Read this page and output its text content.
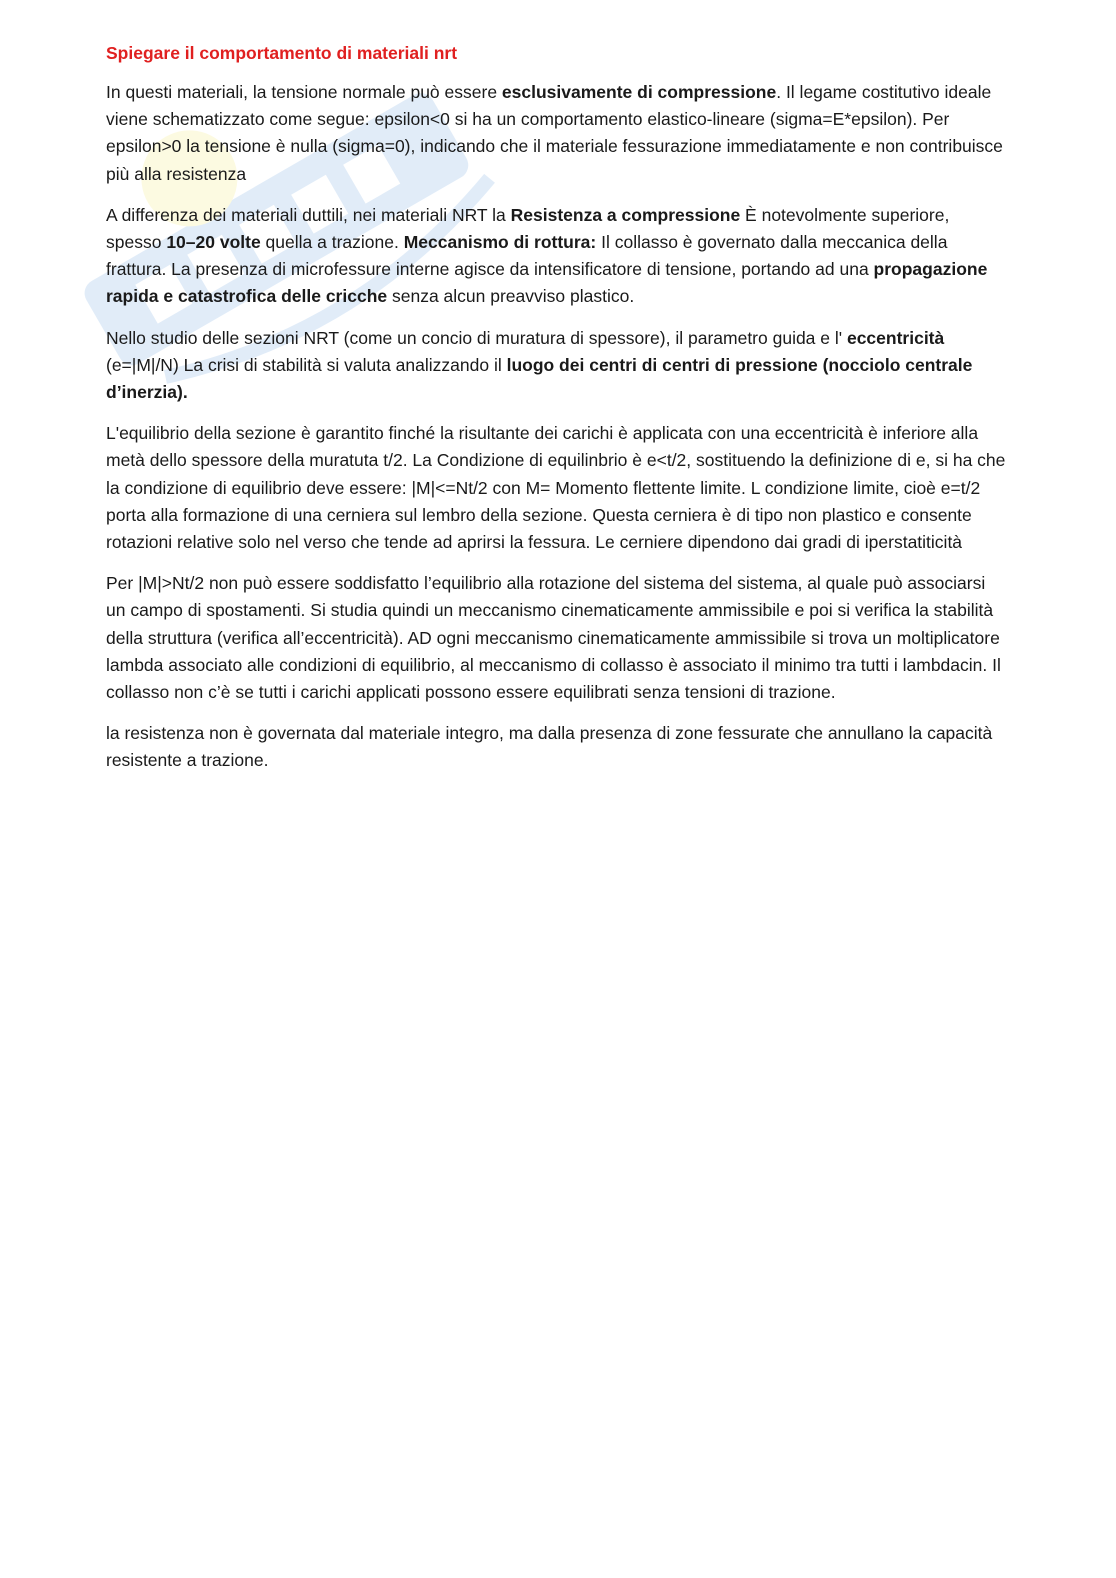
Spiegare il comportamento di materiali nrt
In questi materiali, la tensione normale può essere esclusivamente di compressione. Il legame costitutivo ideale viene schematizzato come segue: epsilon<0 si ha un comportamento elastico-lineare (sigma=E*epsilon). Per epsilon>0 la tensione è nulla (sigma=0), indicando che il materiale fessurazione immediatamente e non contribuisce più alla resistenza
A differenza dei materiali duttili, nei materiali NRT la Resistenza a compressione È notevolmente superiore, spesso 10–20 volte quella a trazione. Meccanismo di rottura: Il collasso è governato dalla meccanica della frattura. La presenza di microfessure interne agisce da intensificatore di tensione, portando ad una propagazione rapida e catastrofica delle cricche senza alcun preavviso plastico.
Nello studio delle sezioni NRT (come un concio di muratura di spessore), il parametro guida e l' eccentricità (e=|M|/N) La crisi di stabilità si valuta analizzando il luogo dei centri di centri di pressione (nocciolo centrale d’inerzia).
L'equilibrio della sezione è garantito finché la risultante dei carichi è applicata con una eccentricità è inferiore alla metà dello spessore della muratuta t/2. La Condizione di equilinbrio è e<t/2, sostituendo la definizione di e, si ha che la condizione di equilibrio deve essere: |M|<=Nt/2 con M= Momento flettente limite. L condizione limite, cioè e=t/2 porta alla formazione di una cerniera sul lembro della sezione. Questa cerniera è di tipo non plastico e consente rotazioni relative solo nel verso che tende ad aprirsi la fessura. Le cerniere dipendono dai gradi di iperstatiticità
Per |M|>Nt/2 non può essere soddisfatto l’equilibrio alla rotazione del sistema del sistema, al quale può associarsi un campo di spostamenti. Si studia quindi un meccanismo cinematicamente ammissibile e poi si verifica la stabilità della struttura (verifica all’eccentricità). AD ogni meccanismo cinematicamente ammissibile si trova un moltiplicatore lambda associato alle condizioni di equilibrio, al meccanismo di collasso è associato il minimo tra tutti i lambdacin. Il collasso non c’è se tutti i carichi applicati possono essere equilibrati senza tensioni di trazione.
la resistenza non è governata dal materiale integro, ma dalla presenza di zone fessurate che annullano la capacità resistente a trazione.
